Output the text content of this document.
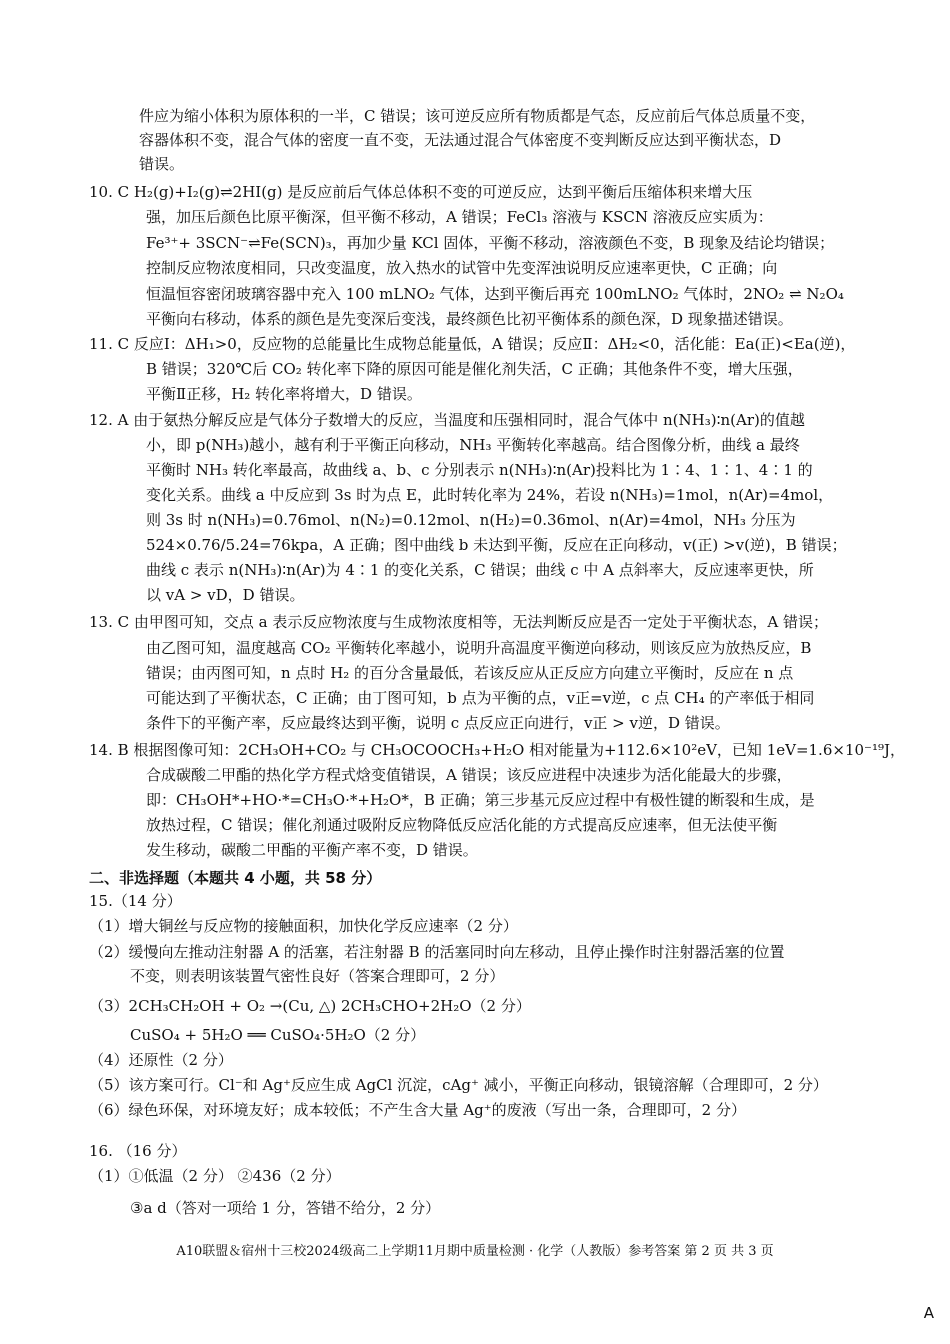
件应为缩小体积为原体积的一半，C 错误；该可逆反应所有物质都是气态，反应前后气体总质量不变，
容器体积不变，混合气体的密度一直不变，无法通过混合气体密度不变判断反应达到平衡状态，D
错误。
10. C H₂(g)+I₂(g)⇌2HI(g) 是反应前后气体总体积不变的可逆反应，达到平衡后压缩体积来增大压
强，加压后颜色比原平衡深，但平衡不移动，A 错误；FeCl₃ 溶液与 KSCN 溶液反应实质为：
Fe³⁺+ 3SCN⁻⇌Fe(SCN)₃，再加少量 KCl 固体，平衡不移动，溶液颜色不变，B 现象及结论均错误；
控制反应物浓度相同，只改变温度，放入热水的试管中先变浑浊说明反应速率更快，C 正确；向
恒温恒容密闭玻璃容器中充入 100 mLNO₂ 气体，达到平衡后再充 100mLNO₂ 气体时，2NO₂ ⇌ N₂O₄
平衡向右移动，体系的颜色是先变深后变浅，最终颜色比初平衡体系的颜色深，D 现象描述错误。
11. C 反应Ⅰ：ΔH₁>0，反应物的总能量比生成物总能量低，A 错误；反应Ⅱ：ΔH₂<0，活化能：Ea(正)<Ea(逆)，
B 错误；320℃后 CO₂ 转化率下降的原因可能是催化剂失活，C 正确；其他条件不变，增大压强，
平衡Ⅱ正移，H₂ 转化率将增大，D 错误。
12. A 由于氨热分解反应是气体分子数增大的反应，当温度和压强相同时，混合气体中 n(NH₃)∶n(Ar)的值越
小，即 p(NH₃)越小，越有利于平衡正向移动，NH₃ 平衡转化率越高。结合图像分析，曲线 a 最终
平衡时 NH₃ 转化率最高，故曲线 a、b、c 分别表示 n(NH₃)∶n(Ar)投料比为 1∶4、1∶1、4∶1 的
变化关系。曲线 a 中反应到 3s 时为点 E，此时转化率为 24%，若设 n(NH₃)=1mol，n(Ar)=4mol，
则 3s 时 n(NH₃)=0.76mol、n(N₂)=0.12mol、n(H₂)=0.36mol、n(Ar)=4mol，NH₃ 分压为
524×0.76/5.24=76kpa，A 正确；图中曲线 b 未达到平衡，反应在正向移动，v(正) >v(逆)，B 错误；
曲线 c 表示 n(NH₃)∶n(Ar)为 4∶1 的变化关系，C 错误；曲线 c 中 A 点斜率大，反应速率更快，所
以 vA > vD，D 错误。
13. C 由甲图可知，交点 a 表示反应物浓度与生成物浓度相等，无法判断反应是否一定处于平衡状态，A 错误；
由乙图可知，温度越高 CO₂ 平衡转化率越小，说明升高温度平衡逆向移动，则该反应为放热反应，B
错误；由丙图可知，n 点时 H₂ 的百分含量最低，若该反应从正反应方向建立平衡时，反应在 n 点
可能达到了平衡状态，C 正确；由丁图可知，b 点为平衡的点，v正=v逆，c 点 CH₄ 的产率低于相同
条件下的平衡产率，反应最终达到平衡，说明 c 点反应正向进行，v正 > v逆，D 错误。
14. B 根据图像可知：2CH₃OH+CO₂ 与 CH₃OCOOCH₃+H₂O 相对能量为+112.6×10²eV，已知 1eV=1.6×10⁻¹⁹J，
合成碳酸二甲酯的热化学方程式焓变值错误，A 错误；该反应进程中决速步为活化能最大的步骤，
即：CH₃OH*+HO·*=CH₃O·*+H₂O*，B 正确；第三步基元反应过程中有极性键的断裂和生成，是
放热过程，C 错误；催化剂通过吸附反应物降低反应活化能的方式提高反应速率，但无法使平衡
发生移动，碳酸二甲酯的平衡产率不变，D 错误。
二、非选择题（本题共 4 小题，共 58 分）
15.（14 分）
（1）增大铜丝与反应物的接触面积，加快化学反应速率（2 分）
（2）缓慢向左推动注射器 A 的活塞，若注射器 B 的活塞同时向左移动，且停止操作时注射器活塞的位置
不变，则表明该装置气密性良好（答案合理即可，2 分）
（3）2CH₃CH₂OH + O₂ →(Cu, △) 2CH₃CHO+2H₂O（2 分）
CuSO₄ + 5H₂O ══ CuSO₄·5H₂O（2 分）
（4）还原性（2 分）
（5）该方案可行。Cl⁻和 Ag⁺反应生成 AgCl 沉淀，cAg⁺ 减小，平衡正向移动，银镜溶解（合理即可，2 分）
（6）绿色环保，对环境友好；成本较低；不产生含大量 Ag⁺的废液（写出一条，合理即可，2 分）
16. （16 分）
（1）①低温（2 分） ②436（2 分）
③a d（答对一项给 1 分，答错不给分，2 分）
A10联盟＆宿州十三校2024级高二上学期11月期中质量检测 · 化学（人教版）参考答案 第 2 页 共 3 页
A
